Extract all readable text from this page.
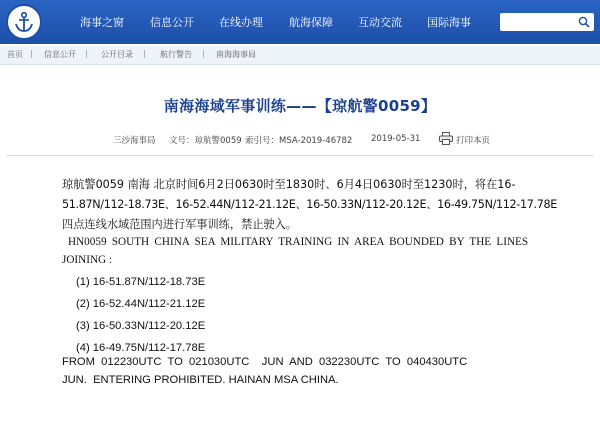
海事之窗 信息公开 在线办理 航海保障 互动交流 国际海事
首页 | 信息公开 | 公开目录 | 航行警告 | 南海海事局
南海海域军事训练——【琼航警0059】
三沙海事局 文号：琼航警0059 索引号：MSA-2019-46782 2019-05-31	打印本页
琼航警0059 南海 北京时间6月2日0630时至1830时、6月4日0630时至1230时，将在16-
51.87N/112-18.73E、16-52.44N/112-21.12E、16-50.33N/112-20.12E、16-49.75N/112-17.78E
四点连线水域范围内进行军事训练，禁止驶入。
HN0059 SOUTH CHINA SEA MILITARY TRAINING IN AREA BOUNDED BY THE LINES
JOINING :
(1) 16-51.87N/112-18.73E
(2) 16-52.44N/112-21.12E
(3) 16-50.33N/112-20.12E
(4) 16-49.75N/112-17.78E
FROM  012230UTC  TO  021030UTC    JUN  AND  032230UTC  TO  040430UTC
JUN.  ENTERING PROHIBITED. HAINAN MSA CHINA.
